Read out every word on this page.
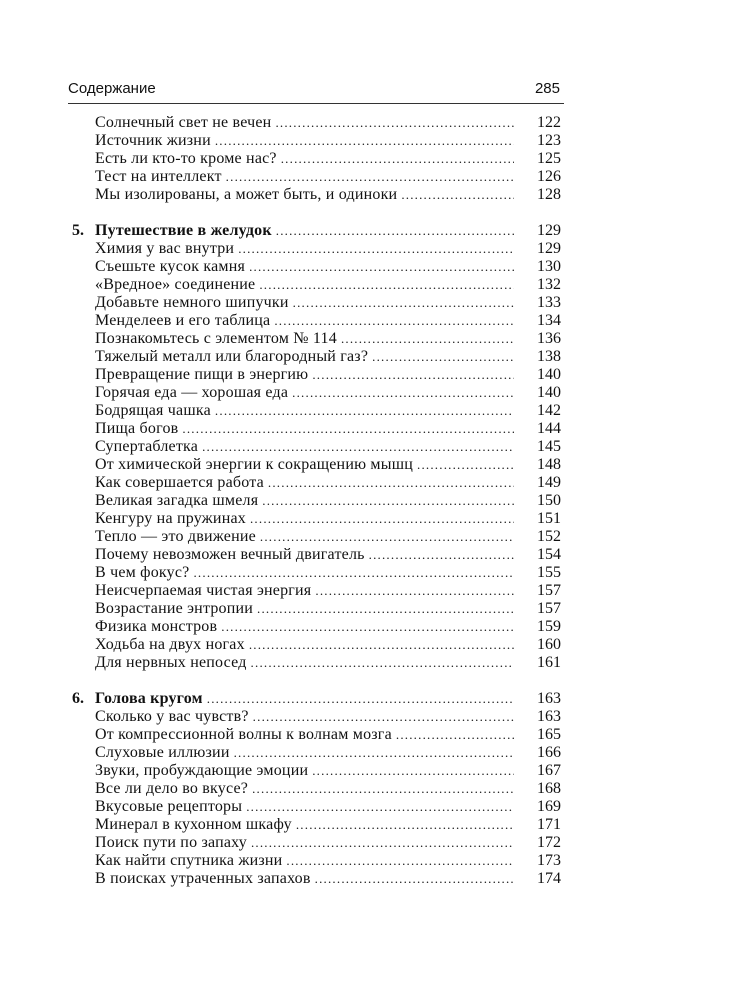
Содержание	285
Солнечный свет не вечен .....	122
Источник жизни .....	123
Есть ли кто-то кроме нас? .....	125
Тест на интеллект .....	126
Мы изолированы, а может быть, и одиноки .....	128
5. Путешествие в желудок .....	129
Химия у вас внутри .....	129
Съешьте кусок камня .....	130
«Вредное» соединение .....	132
Добавьте немного шипучки .....	133
Менделеев и его таблица .....	134
Познакомьтесь с элементом № 114 .....	136
Тяжелый металл или благородный газ? .....	138
Превращение пищи в энергию .....	140
Горячая еда — хорошая еда .....	140
Бодрящая чашка .....	142
Пища богов .....	144
Супертаблетка .....	145
От химической энергии к сокращению мышц .....	148
Как совершается работа .....	149
Великая загадка шмеля .....	150
Кенгуру на пружинах .....	151
Тепло — это движение .....	152
Почему невозможен вечный двигатель .....	154
В чем фокус? .....	155
Неисчерпаемая чистая энергия .....	157
Возрастание энтропии .....	157
Физика монстров .....	159
Ходьба на двух ногах .....	160
Для нервных непосед .....	161
6. Голова кругом .....	163
Сколько у вас чувств? .....	163
От компрессионной волны к волнам мозга .....	165
Слуховые иллюзии .....	166
Звуки, пробуждающие эмоции .....	167
Все ли дело во вкусе? .....	168
Вкусовые рецепторы .....	169
Минерал в кухонном шкафу .....	171
Поиск пути по запаху .....	172
Как найти спутника жизни .....	173
В поисках утраченных запахов .....	174
